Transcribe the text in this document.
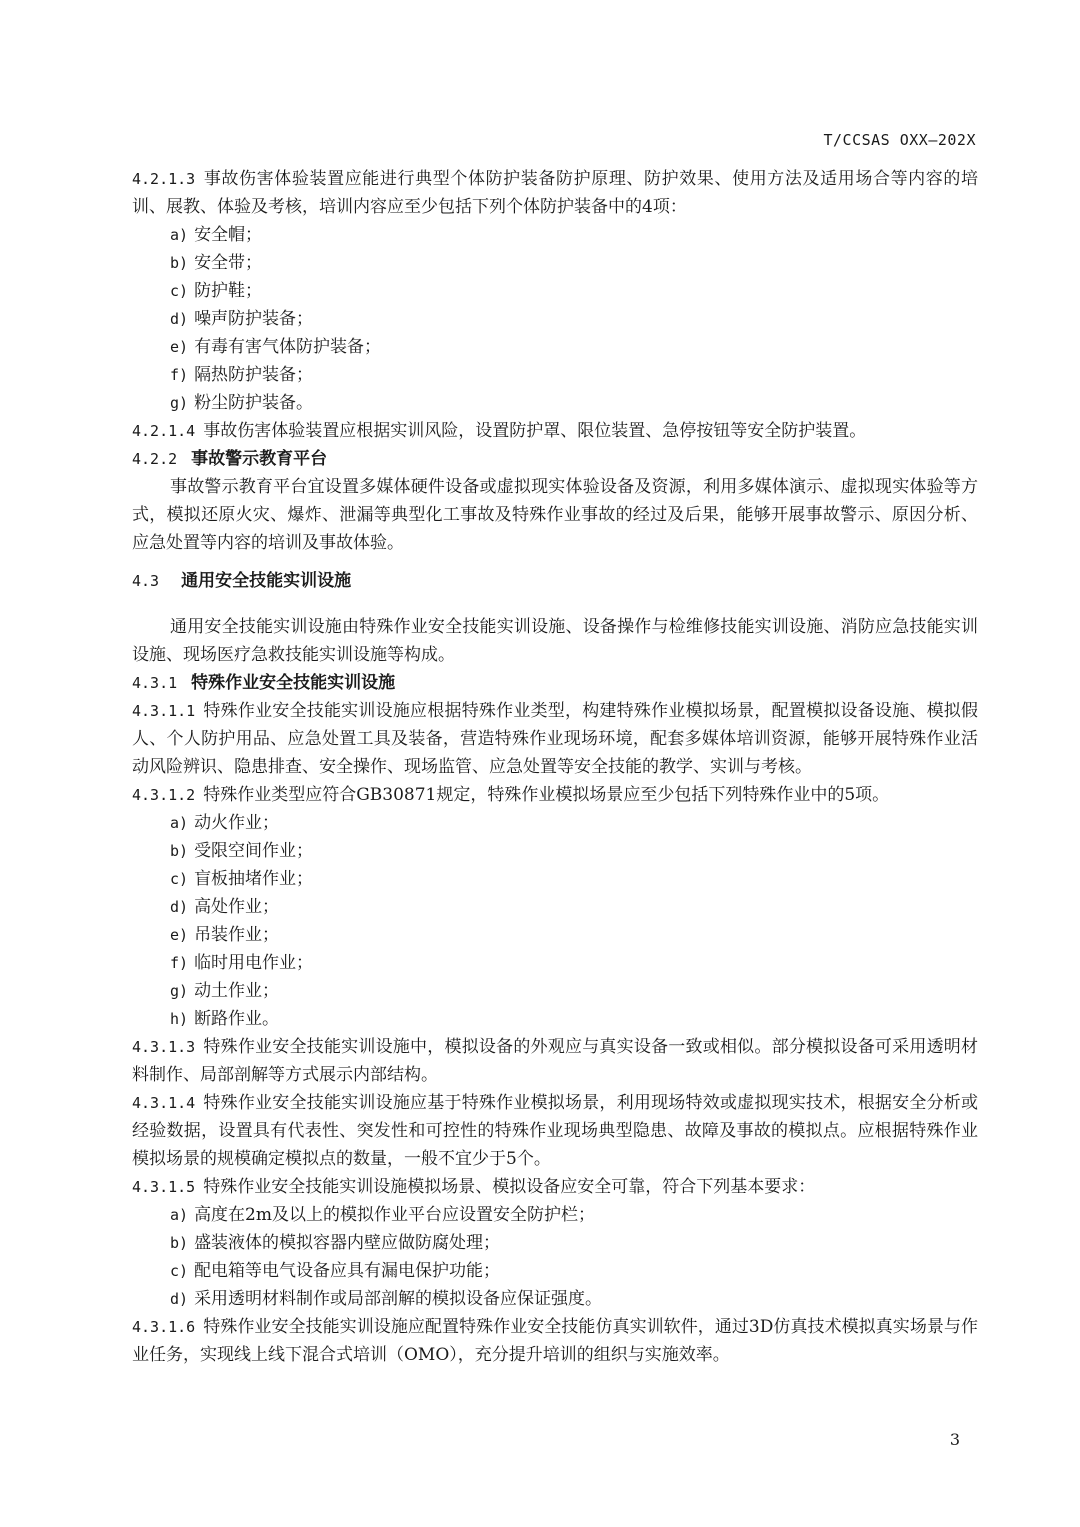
T/CCSAS OXX—202X
4.2.1.3 事故伤害体验装置应能进行典型个体防护装备防护原理、防护效果、使用方法及适用场合等内容的培训、展教、体验及考核，培训内容应至少包括下列个体防护装备中的4项：
a) 安全帽；
b) 安全带；
c) 防护鞋；
d) 噪声防护装备；
e) 有毒有害气体防护装备；
f) 隔热防护装备；
g) 粉尘防护装备。
4.2.1.4 事故伤害体验装置应根据实训风险，设置防护罩、限位装置、急停按钮等安全防护装置。
4.2.2 事故警示教育平台
事故警示教育平台宜设置多媒体硬件设备或虚拟现实体验设备及资源，利用多媒体演示、虚拟现实体验等方式，模拟还原火灾、爆炸、泄漏等典型化工事故及特殊作业事故的经过及后果，能够开展事故警示、原因分析、应急处置等内容的培训及事故体验。
4.3 通用安全技能实训设施
通用安全技能实训设施由特殊作业安全技能实训设施、设备操作与检维修技能实训设施、消防应急技能实训设施、现场医疗急救技能实训设施等构成。
4.3.1 特殊作业安全技能实训设施
4.3.1.1 特殊作业安全技能实训设施应根据特殊作业类型，构建特殊作业模拟场景，配置模拟设备设施、模拟假人、个人防护用品、应急处置工具及装备，营造特殊作业现场环境，配套多媒体培训资源，能够开展特殊作业活动风险辨识、隐患排查、安全操作、现场监管、应急处置等安全技能的教学、实训与考核。
4.3.1.2 特殊作业类型应符合GB30871规定，特殊作业模拟场景应至少包括下列特殊作业中的5项。
a) 动火作业；
b) 受限空间作业；
c) 盲板抽堵作业；
d) 高处作业；
e) 吊装作业；
f) 临时用电作业；
g) 动土作业；
h) 断路作业。
4.3.1.3 特殊作业安全技能实训设施中，模拟设备的外观应与真实设备一致或相似。部分模拟设备可采用透明材料制作、局部剖解等方式展示内部结构。
4.3.1.4 特殊作业安全技能实训设施应基于特殊作业模拟场景，利用现场特效或虚拟现实技术，根据安全分析或经验数据，设置具有代表性、突发性和可控性的特殊作业现场典型隐患、故障及事故的模拟点。应根据特殊作业模拟场景的规模确定模拟点的数量，一般不宜少于5个。
4.3.1.5 特殊作业安全技能实训设施模拟场景、模拟设备应安全可靠，符合下列基本要求：
a) 高度在2m及以上的模拟作业平台应设置安全防护栏；
b) 盛装液体的模拟容器内壁应做防腐处理；
c) 配电箱等电气设备应具有漏电保护功能；
d) 采用透明材料制作或局部剖解的模拟设备应保证强度。
4.3.1.6 特殊作业安全技能实训设施应配置特殊作业安全技能仿真实训软件，通过3D仿真技术模拟真实场景与作业任务，实现线上线下混合式培训（OMO），充分提升培训的组织与实施效率。
3
